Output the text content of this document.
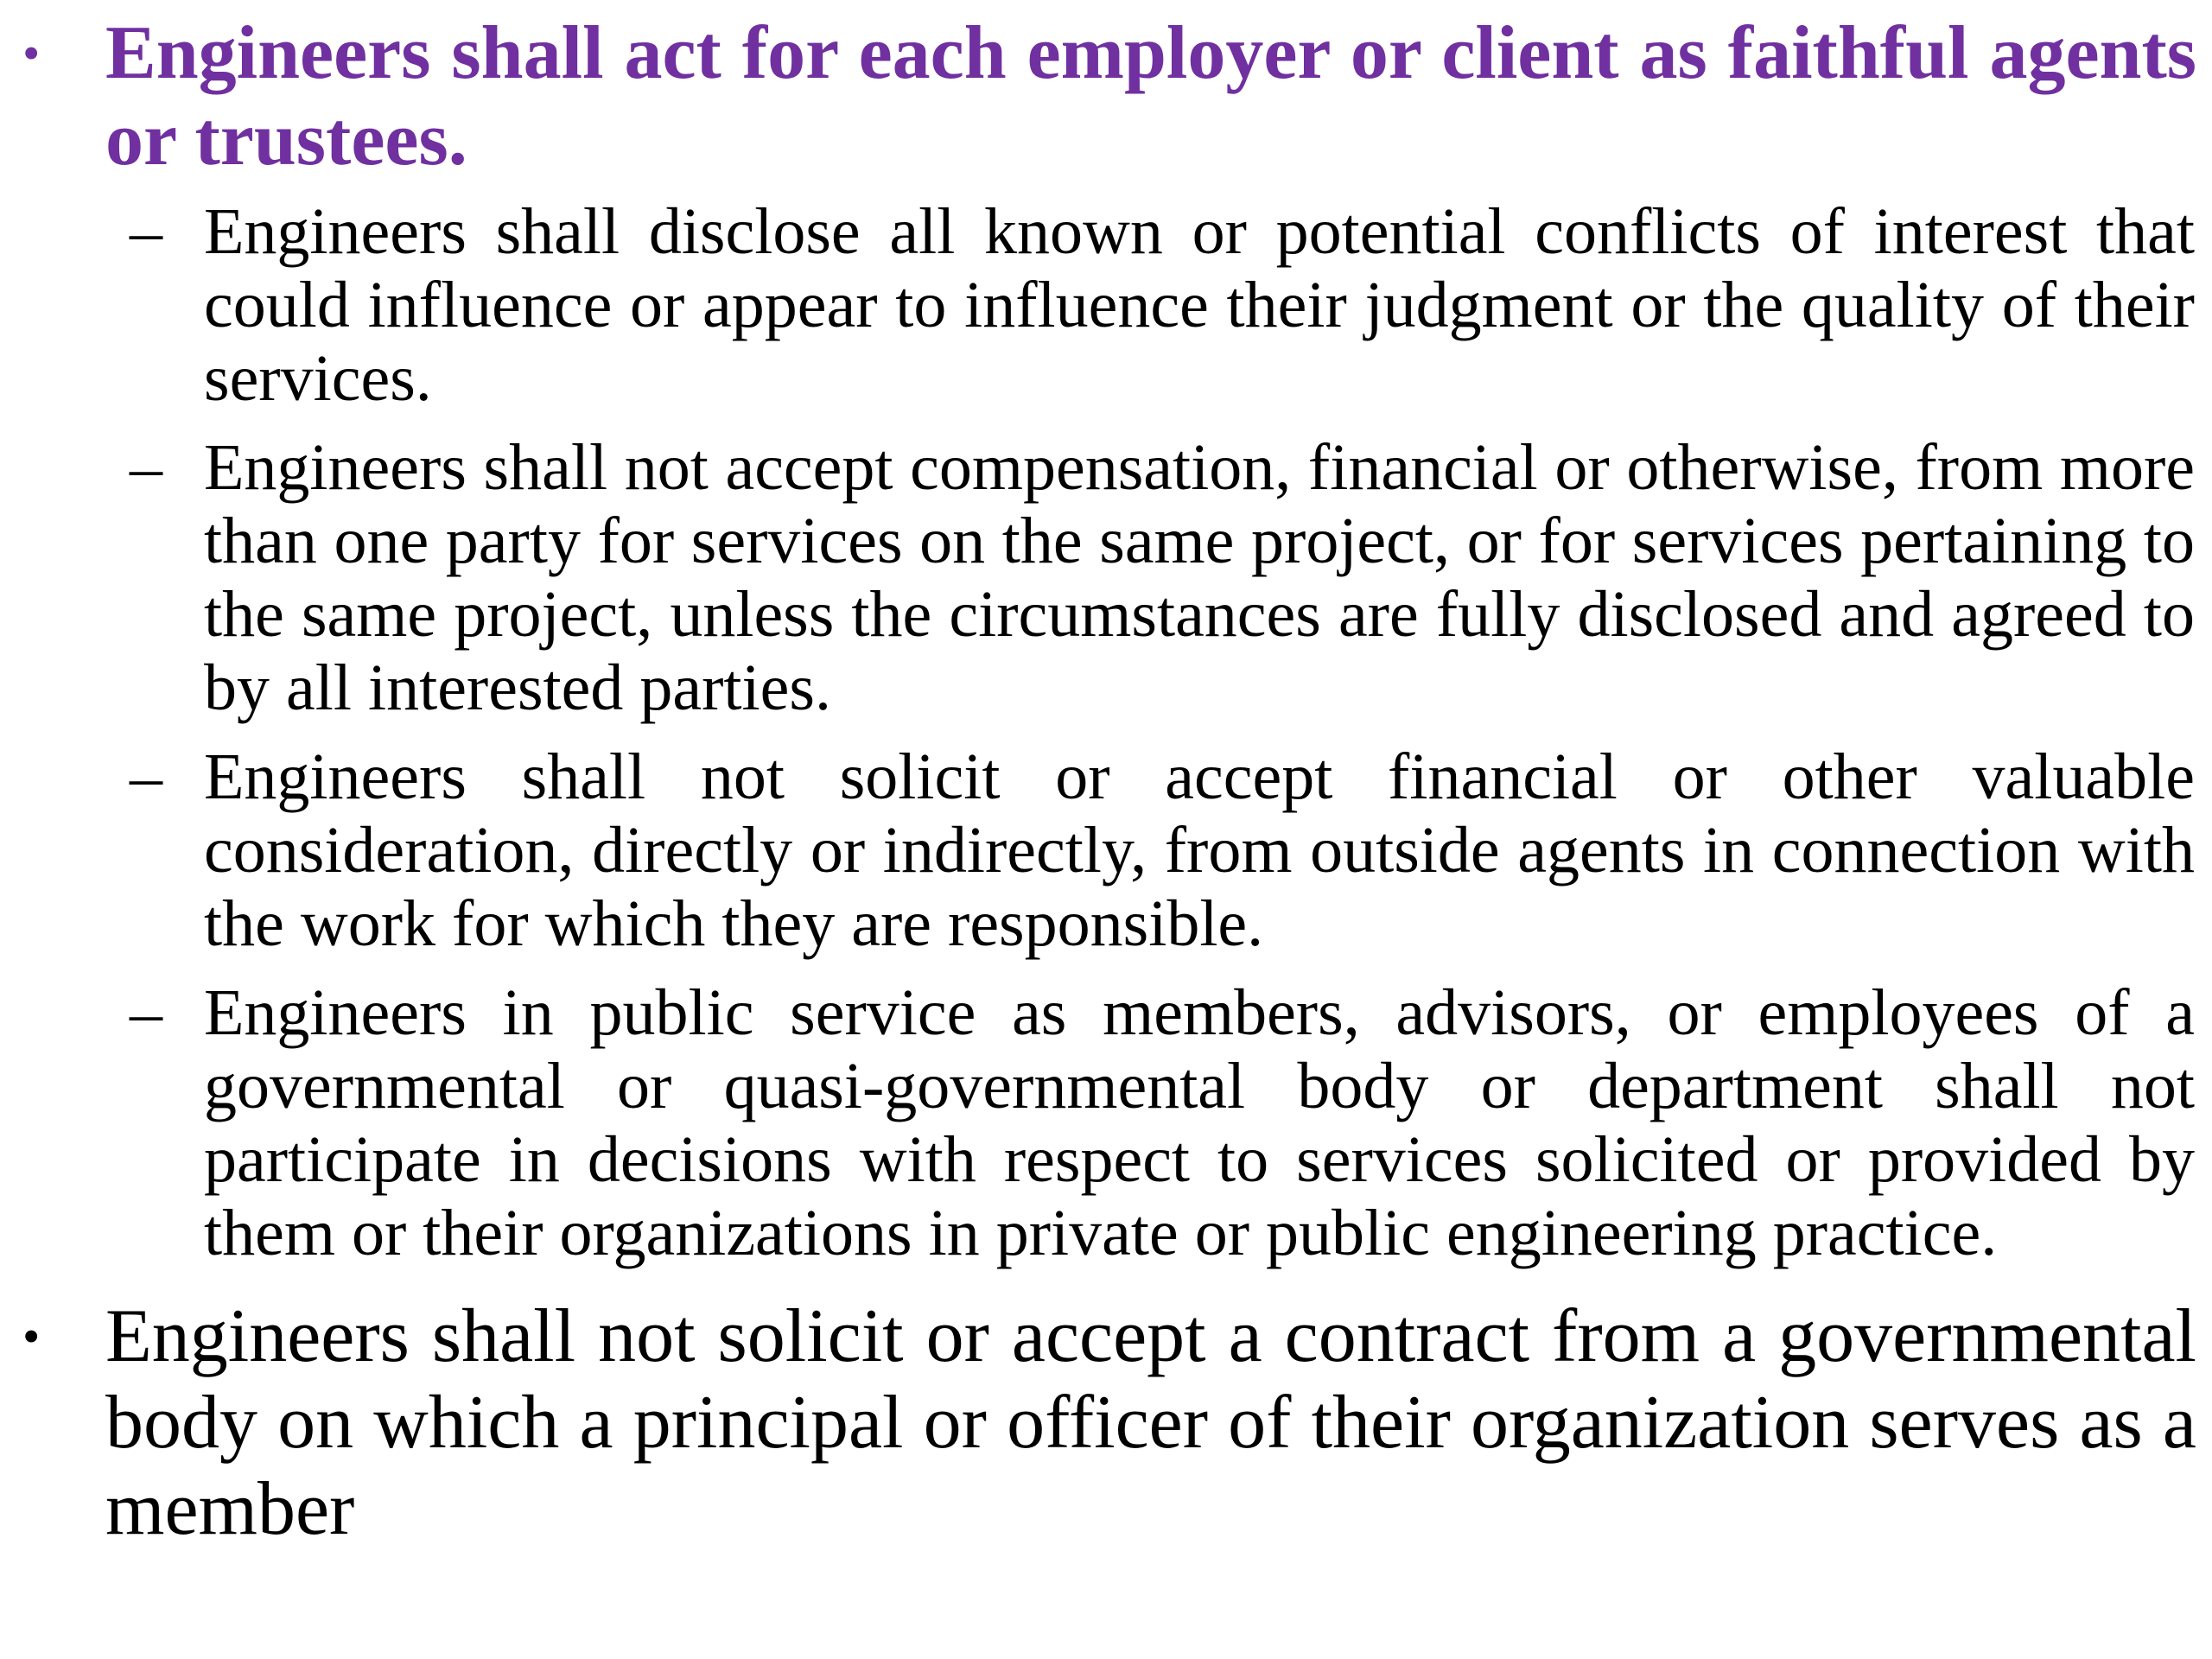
• Engineers shall act for each employer or client as faithful agents or trustees.
– Engineers shall disclose all known or potential conflicts of interest that could influence or appear to influence their judgment or the quality of their services.
– Engineers shall not accept compensation, financial or otherwise, from more than one party for services on the same project, or for services pertaining to the same project, unless the circumstances are fully disclosed and agreed to by all interested parties.
– Engineers shall not solicit or accept financial or other valuable consideration, directly or indirectly, from outside agents in connection with the work for which they are responsible.
– Engineers in public service as members, advisors, or employees of a governmental or quasi-governmental body or department shall not participate in decisions with respect to services solicited or provided by them or their organizations in private or public engineering practice.
• Engineers shall not solicit or accept a contract from a governmental body on which a principal or officer of their organization serves as a member
